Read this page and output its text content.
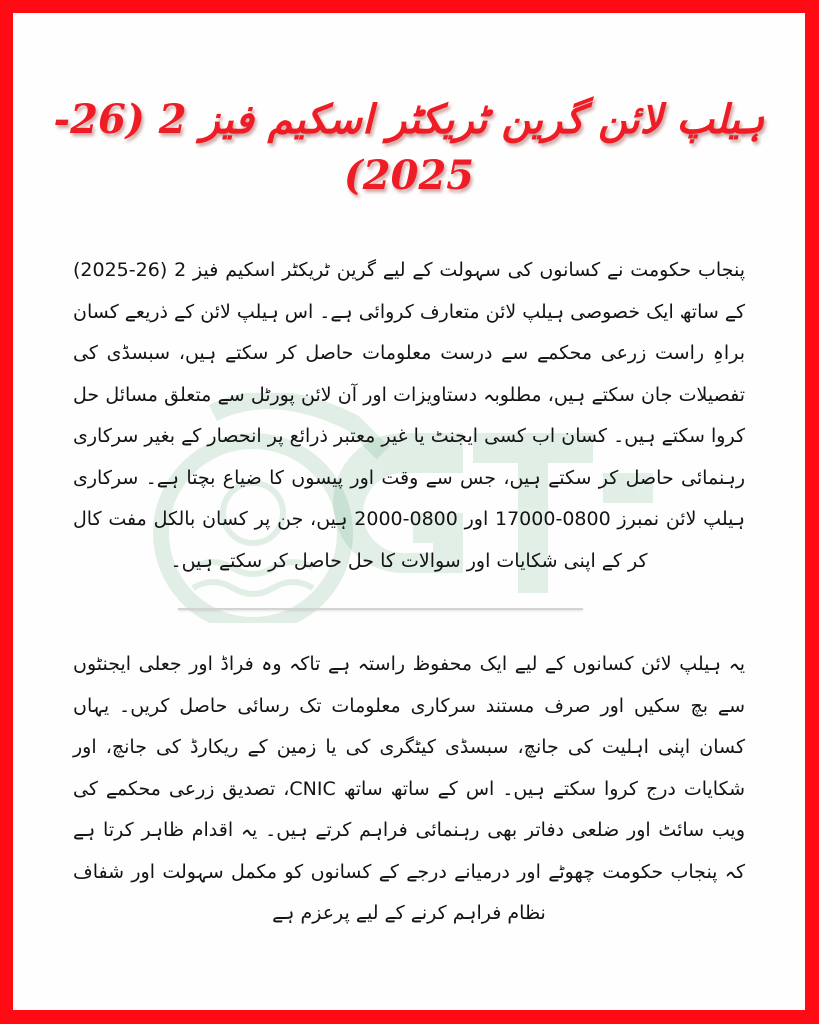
ہیلپ لائن گرین ٹریکٹر اسکیم فیز 2 (26-2025)

پنجاب حکومت نے کسانوں کی سہولت کے لیے گرین ٹریکٹر اسکیم فیز 2 (26-2025) کے ساتھ ایک خصوصی ہیلپ لائن متعارف کروائی ہے۔ اس ہیلپ لائن کے ذریعے کسان براہِ راست زرعی محکمے سے درست معلومات حاصل کر سکتے ہیں، سبسڈی کی تفصیلات جان سکتے ہیں، مطلوبہ دستاویزات اور آن لائن پورٹل سے متعلق مسائل حل کروا سکتے ہیں۔ کسان اب کسی ایجنٹ یا غیر معتبر ذرائع پر انحصار کے بغیر سرکاری رہنمائی حاصل کر سکتے ہیں، جس سے وقت اور پیسوں کا ضیاع بچتا ہے۔ سرکاری ہیلپ لائن نمبرز 0800-17000 اور 0800-2000 ہیں، جن پر کسان بالکل مفت کال کر کے اپنی شکایات اور سوالات کا حل حاصل کر سکتے ہیں۔

یہ ہیلپ لائن کسانوں کے لیے ایک محفوظ راستہ ہے تاکہ وہ فراڈ اور جعلی ایجنٹوں سے بچ سکیں اور صرف مستند سرکاری معلومات تک رسائی حاصل کریں۔ یہاں کسان اپنی اہلیت کی جانچ، سبسڈی کیٹگری کی یا زمین کے ریکارڈ کی جانچ، اور شکایات درج کروا سکتے ہیں۔ اس کے ساتھ ساتھ CNIC، تصدیق زرعی محکمے کی ویب سائٹ اور ضلعی دفاتر بھی رہنمائی فراہم کرتے ہیں۔ یہ اقدام ظاہر کرتا ہے کہ پنجاب حکومت چھوٹے اور درمیانے درجے کے کسانوں کو مکمل سہولت اور شفاف نظام فراہم کرنے کے لیے پرعزم ہے
